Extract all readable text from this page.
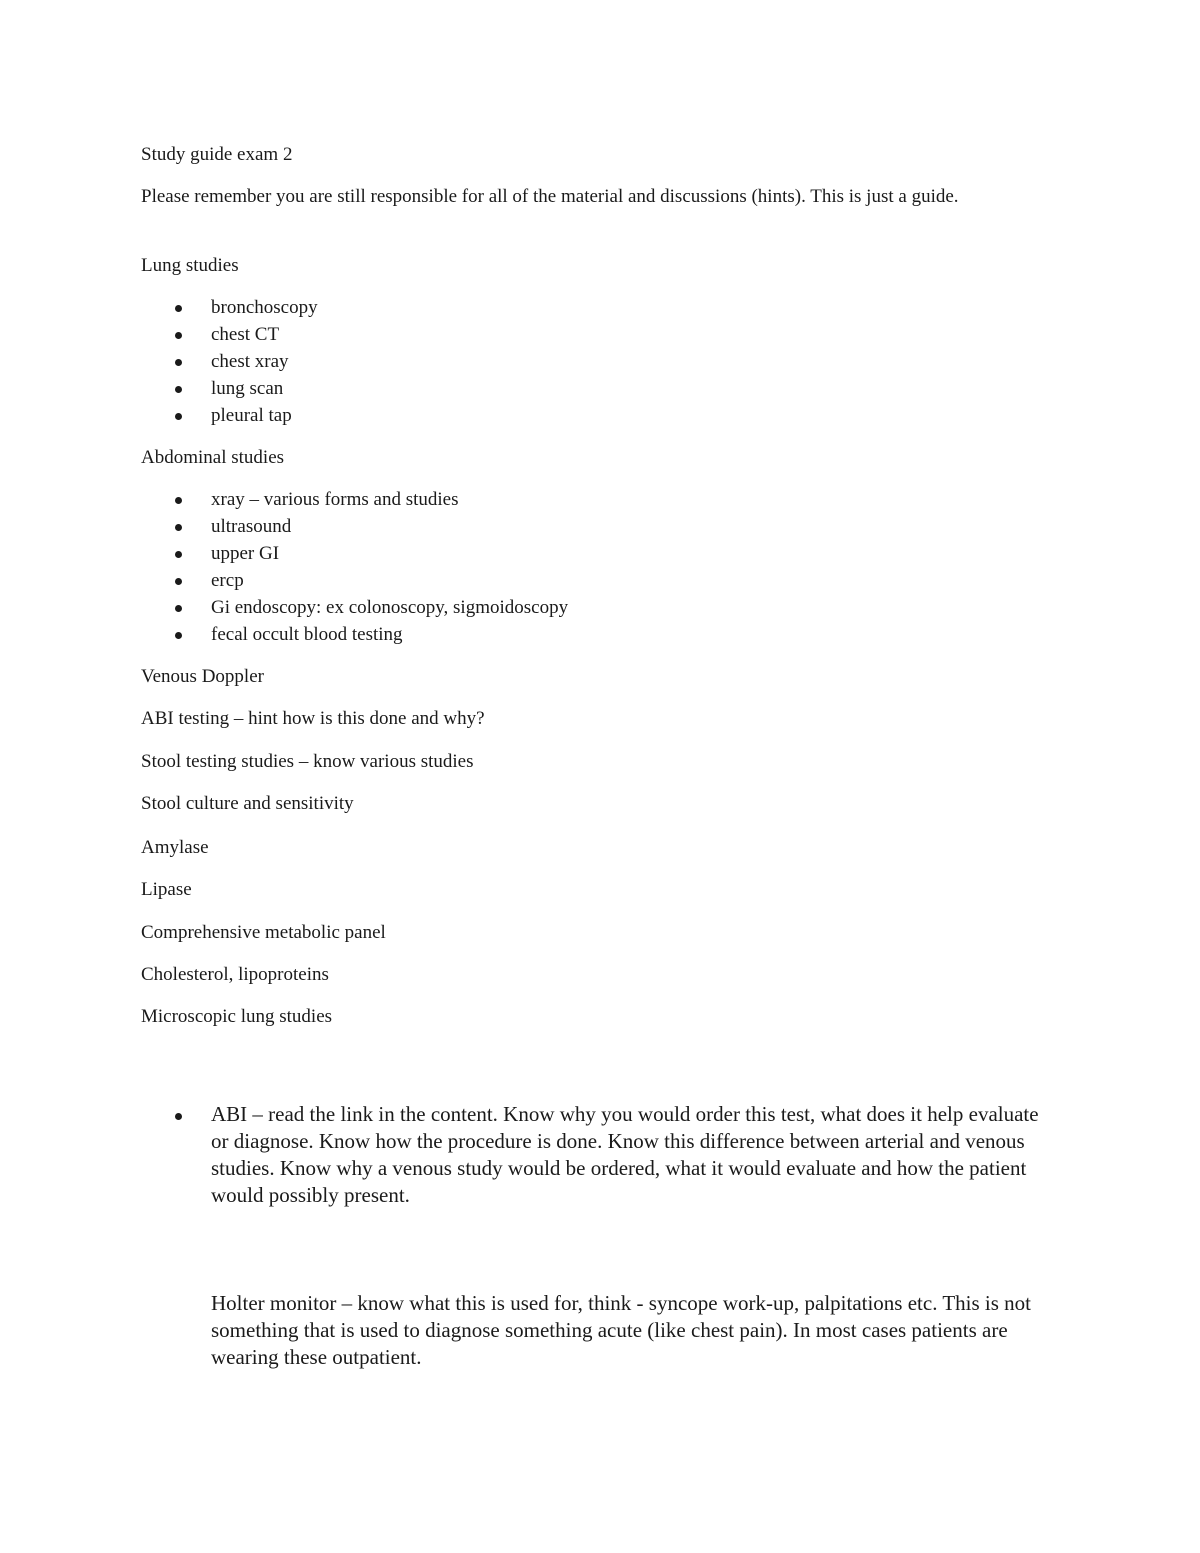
Study guide exam 2
Please remember you are still responsible for all of the material and discussions (hints). This is just a guide.
Lung studies
bronchoscopy
chest CT
chest xray
lung scan
pleural tap
Abdominal studies
xray – various forms and studies
ultrasound
upper GI
ercp
Gi endoscopy: ex colonoscopy, sigmoidoscopy
fecal occult blood testing
Venous Doppler
ABI testing – hint how is this done and why?
Stool testing studies – know various studies
Stool culture and sensitivity
Amylase
Lipase
Comprehensive metabolic panel
Cholesterol, lipoproteins
Microscopic lung studies
ABI – read the link in the content. Know why you would order this test, what does it help evaluate or diagnose. Know how the procedure is done. Know this difference between arterial and venous studies. Know why a venous study would be ordered, what it would evaluate and how the patient would possibly present.
Holter monitor – know what this is used for, think - syncope work-up, palpitations etc. This is not something that is used to diagnose something acute (like chest pain). In most cases patients are wearing these outpatient.
